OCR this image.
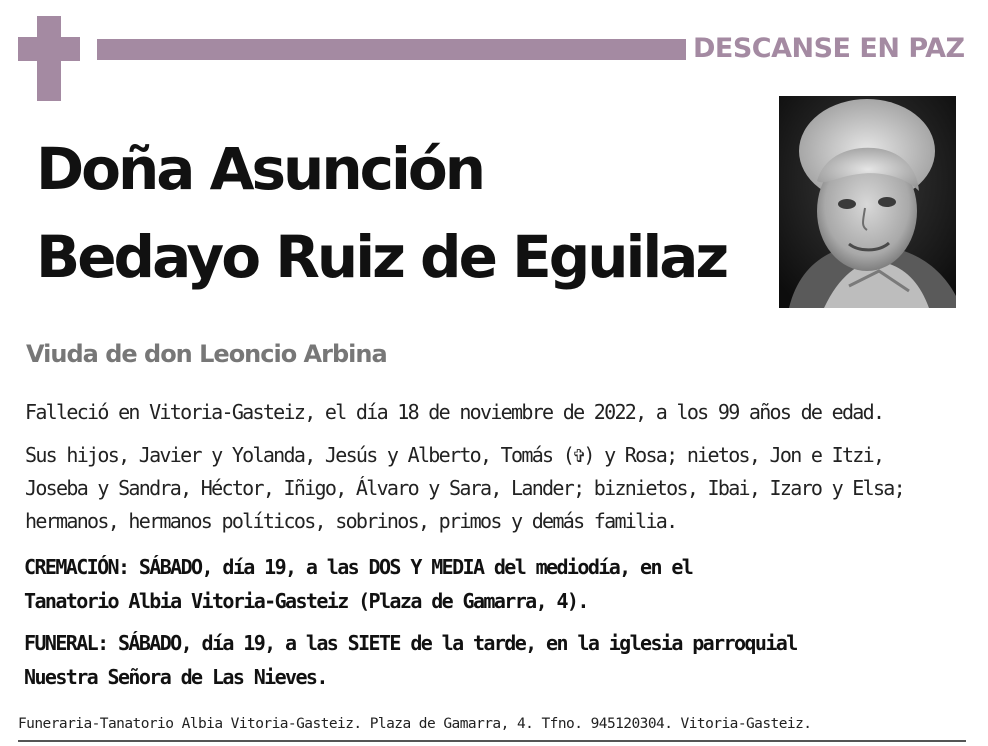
DESCANSE EN PAZ
Doña Asunción
Bedayo Ruiz de Eguilaz
Viuda de don Leoncio Arbina
Falleció en Vitoria-Gasteiz, el día 18 de noviembre de 2022, a los 99 años de edad.
Sus hijos, Javier y Yolanda, Jesús y Alberto, Tomás (✞) y Rosa; nietos, Jon e Itzi,
Joseba y Sandra, Héctor, Iñigo, Álvaro y Sara, Lander; biznietos, Ibai, Izaro y Elsa;
hermanos, hermanos políticos, sobrinos, primos y demás familia.
CREMACIÓN: SÁBADO, día 19, a las DOS Y MEDIA del mediodía, en el
Tanatorio Albia Vitoria-Gasteiz (Plaza de Gamarra, 4).
FUNERAL: SÁBADO, día 19, a las SIETE de la tarde, en la iglesia parroquial
Nuestra Señora de Las Nieves.
Funeraria-Tanatorio Albia Vitoria-Gasteiz. Plaza de Gamarra, 4. Tfno. 945120304. Vitoria-Gasteiz.
